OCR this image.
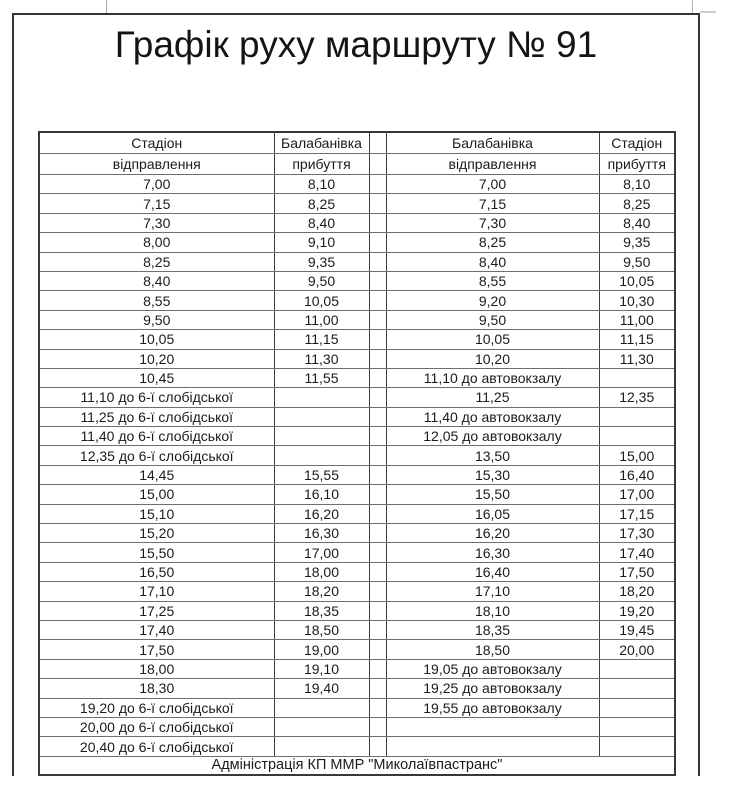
Графік руху маршруту № 91
Стадіон	Балабанівка		Балабанівка	Стадіон
відправлення	прибуття		відправлення	прибуття
7,00	8,10		7,00	8,10
7,15	8,25		7,15	8,25
7,30	8,40		7,30	8,40
8,00	9,10		8,25	9,35
8,25	9,35		8,40	9,50
8,40	9,50		8,55	10,05
8,55	10,05		9,20	10,30
9,50	11,00		9,50	11,00
10,05	11,15		10,05	11,15
10,20	11,30		10,20	11,30
10,45	11,55		11,10 до автовокзалу	
11,10 до 6-ї слобідської			11,25	12,35
11,25 до 6-ї слобідської			11,40 до автовокзалу	
11,40 до 6-ї слобідської			12,05 до автовокзалу	
12,35 до 6-ї слобідської			13,50	15,00
14,45	15,55		15,30	16,40
15,00	16,10		15,50	17,00
15,10	16,20		16,05	17,15
15,20	16,30		16,20	17,30
15,50	17,00		16,30	17,40
16,50	18,00		16,40	17,50
17,10	18,20		17,10	18,20
17,25	18,35		18,10	19,20
17,40	18,50		18,35	19,45
17,50	19,00		18,50	20,00
18,00	19,10		19,05 до автовокзалу	
18,30	19,40		19,25 до автовокзалу	
19,20 до 6-ї слобідської			19,55 до автовокзалу	
20,00 до 6-ї слобідської				
20,40 до 6-ї слобідської				
Адміністрація КП ММР "Миколаївпастранс"				
